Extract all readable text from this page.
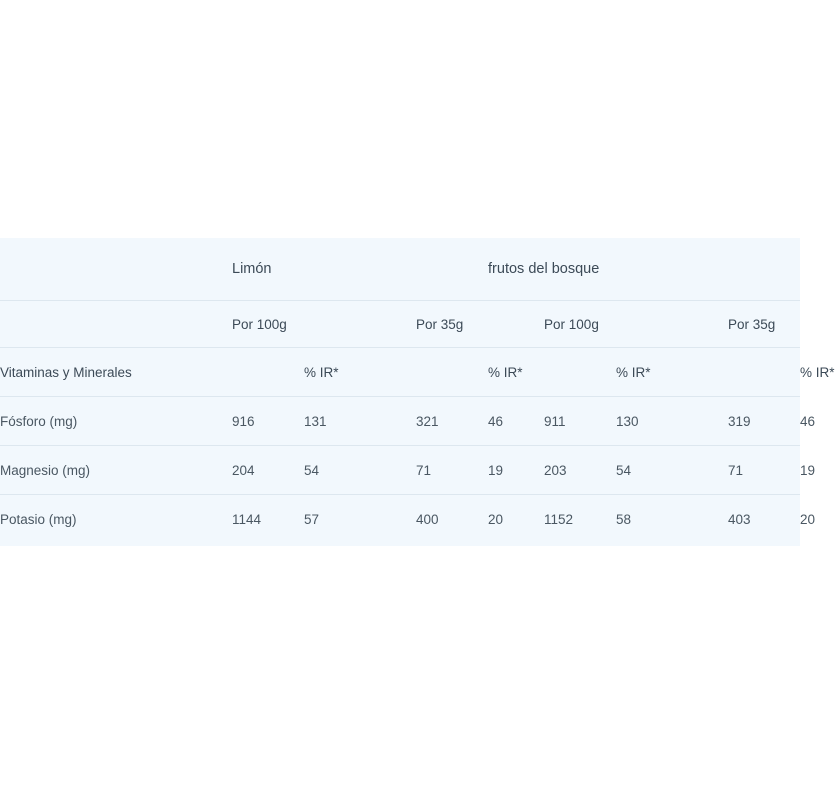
	Limón			frutos del bosque				
	Por 100g		Por 35g		Por 100g		Por 35g	
Vitaminas y Minerales		% IR*		% IR*		% IR*		% IR*
Fósforo (mg)	916	131	321	46	911	130	319	46
Magnesio (mg)	204	54	71	19	203	54	71	19
Potasio (mg)	1144	57	400	20	1152	58	403	20
